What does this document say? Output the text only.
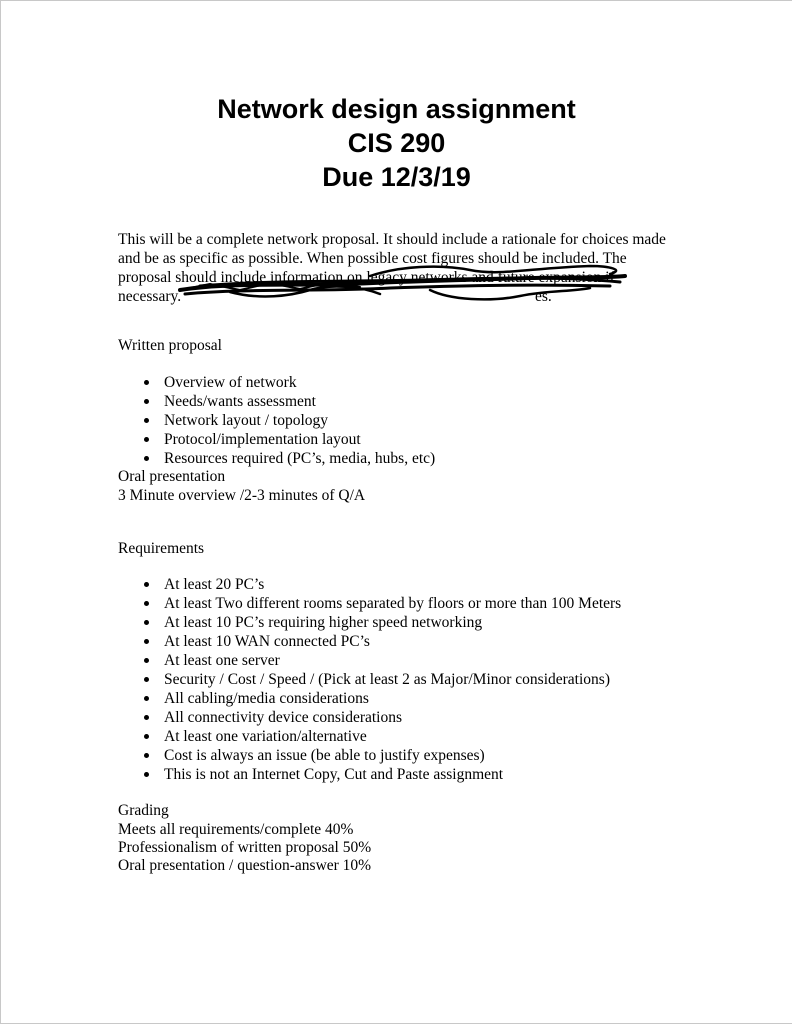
Network design assignment
CIS 290
Due 12/3/19

This will be a complete network proposal. It should include a rationale for choices made and be as specific as possible. When possible cost figures should be included. The proposal should include information on legacy networks and future expansion if necessary.	es.

Written proposal
Overview of network
Needs/wants assessment
Network layout / topology
Protocol/implementation layout
Resources required (PC’s, media, hubs, etc)
Oral presentation
3 Minute overview /2-3 minutes of Q/A
Requirements
At least 20 PC’s
At least Two different rooms separated by floors or more than 100 Meters
At least 10 PC’s requiring higher speed networking
At least 10 WAN connected PC’s
At least one server
Security / Cost / Speed / (Pick at least 2 as Major/Minor considerations)
All cabling/media considerations
All connectivity device considerations
At least one variation/alternative
Cost is always an issue (be able to justify expenses)
This is not an Internet Copy, Cut and Paste assignment
Grading
Meets all requirements/complete 40%
Professionalism of written proposal 50%
Oral presentation / question-answer 10%
